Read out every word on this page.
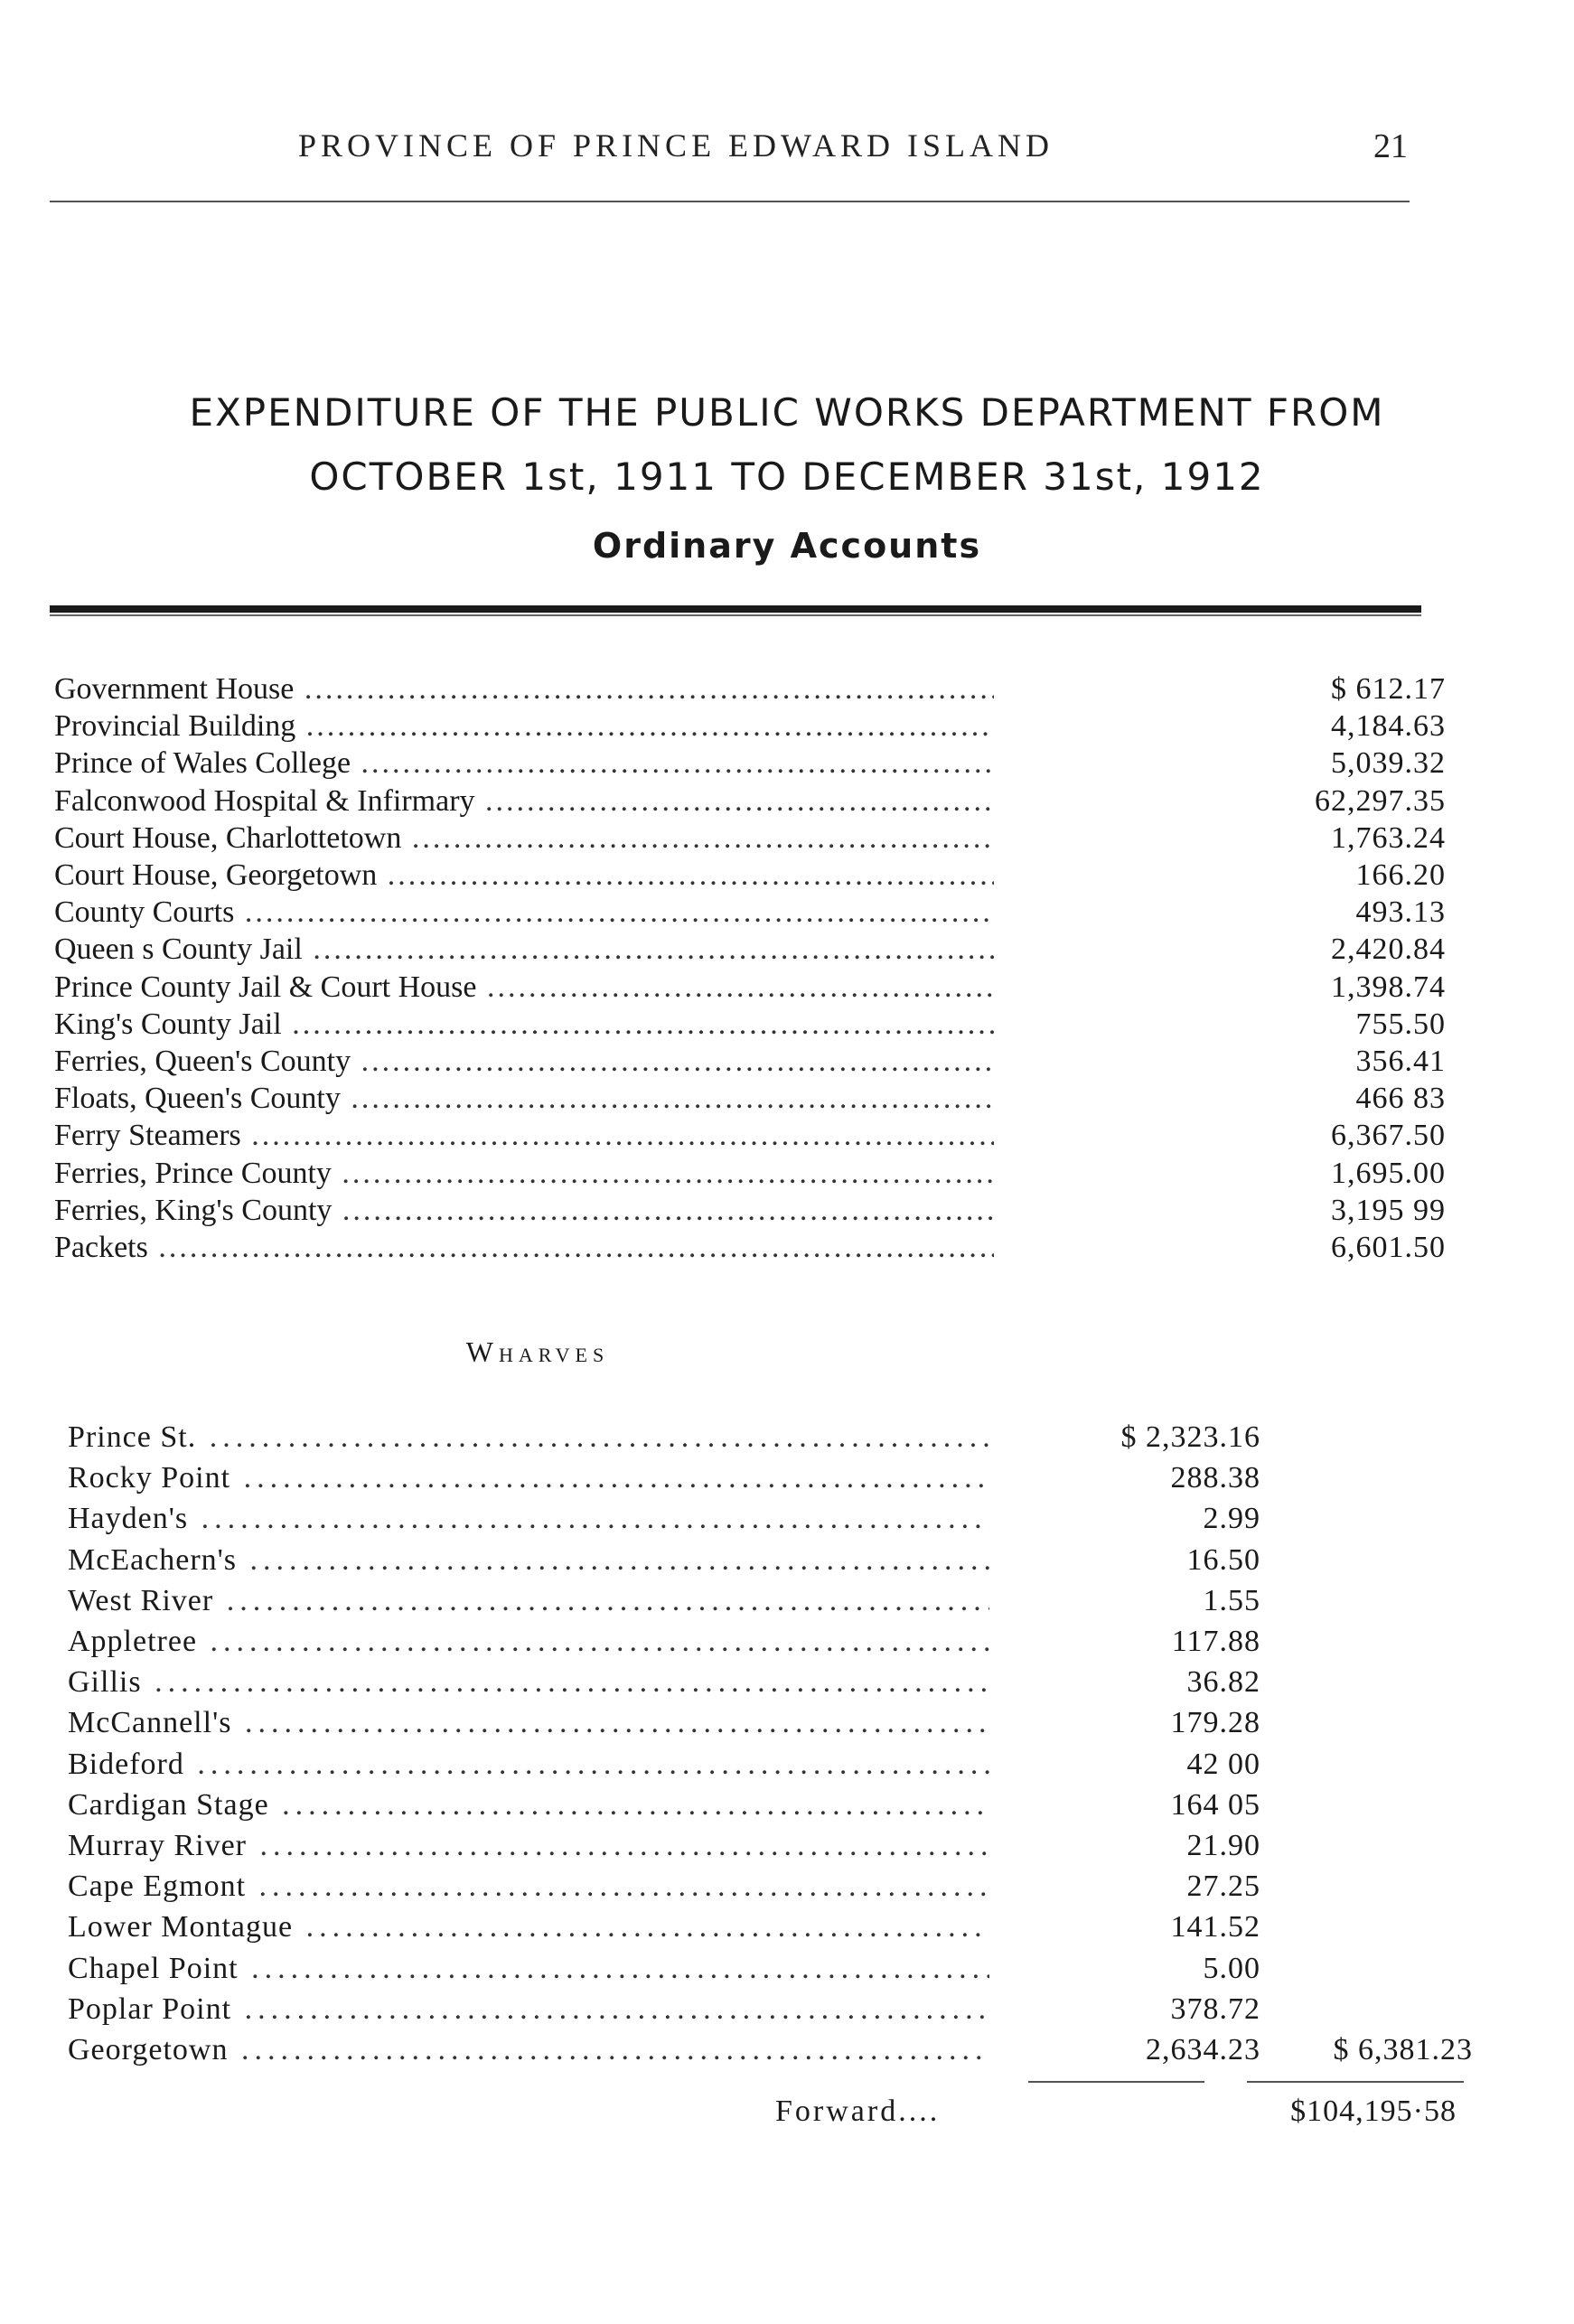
PROVINCE OF PRINCE EDWARD ISLAND	21
EXPENDITURE OF THE PUBLIC WORKS DEPARTMENT FROM
OCTOBER 1st, 1911 TO DECEMBER 31st, 1912
Ordinary Accounts
Government House .....	$ 612.17
Provincial Building .....	4,184.63
Prince of Wales College .....	5,039.32
Falconwood Hospital & Infirmary .....	62,297.35
Court House, Charlottetown .....	1,763.24
Court House, Georgetown .....	166.20
County Courts .....	493.13
Queen s County Jail .....	2,420.84
Prince County Jail & Court House .....	1,398.74
King's County Jail .....	755.50
Ferries, Queen's County .....	356.41
Floats, Queen's County .....	466 83
Ferry Steamers .....	6,367.50
Ferries, Prince County .....	1,695.00
Ferries, King's County .....	3,195 99
Packets .....	6,601.50
Wharves
Prince St. .....	$ 2,323.16
Rocky Point .....	288.38
Hayden's .....	2.99
McEachern's .....	16.50
West River .....	1.55
Appletree .....	117.88
Gillis .....	36.82
McCannell's .....	179.28
Bideford .....	42 00
Cardigan Stage .....	164 05
Murray River .....	21.90
Cape Egmont .....	27.25
Lower Montague .....	141.52
Chapel Point .....	5.00
Poplar Point .....	378.72
Georgetown .....	2,634.23	$ 6,381.23
Forward....	$104,195·58
